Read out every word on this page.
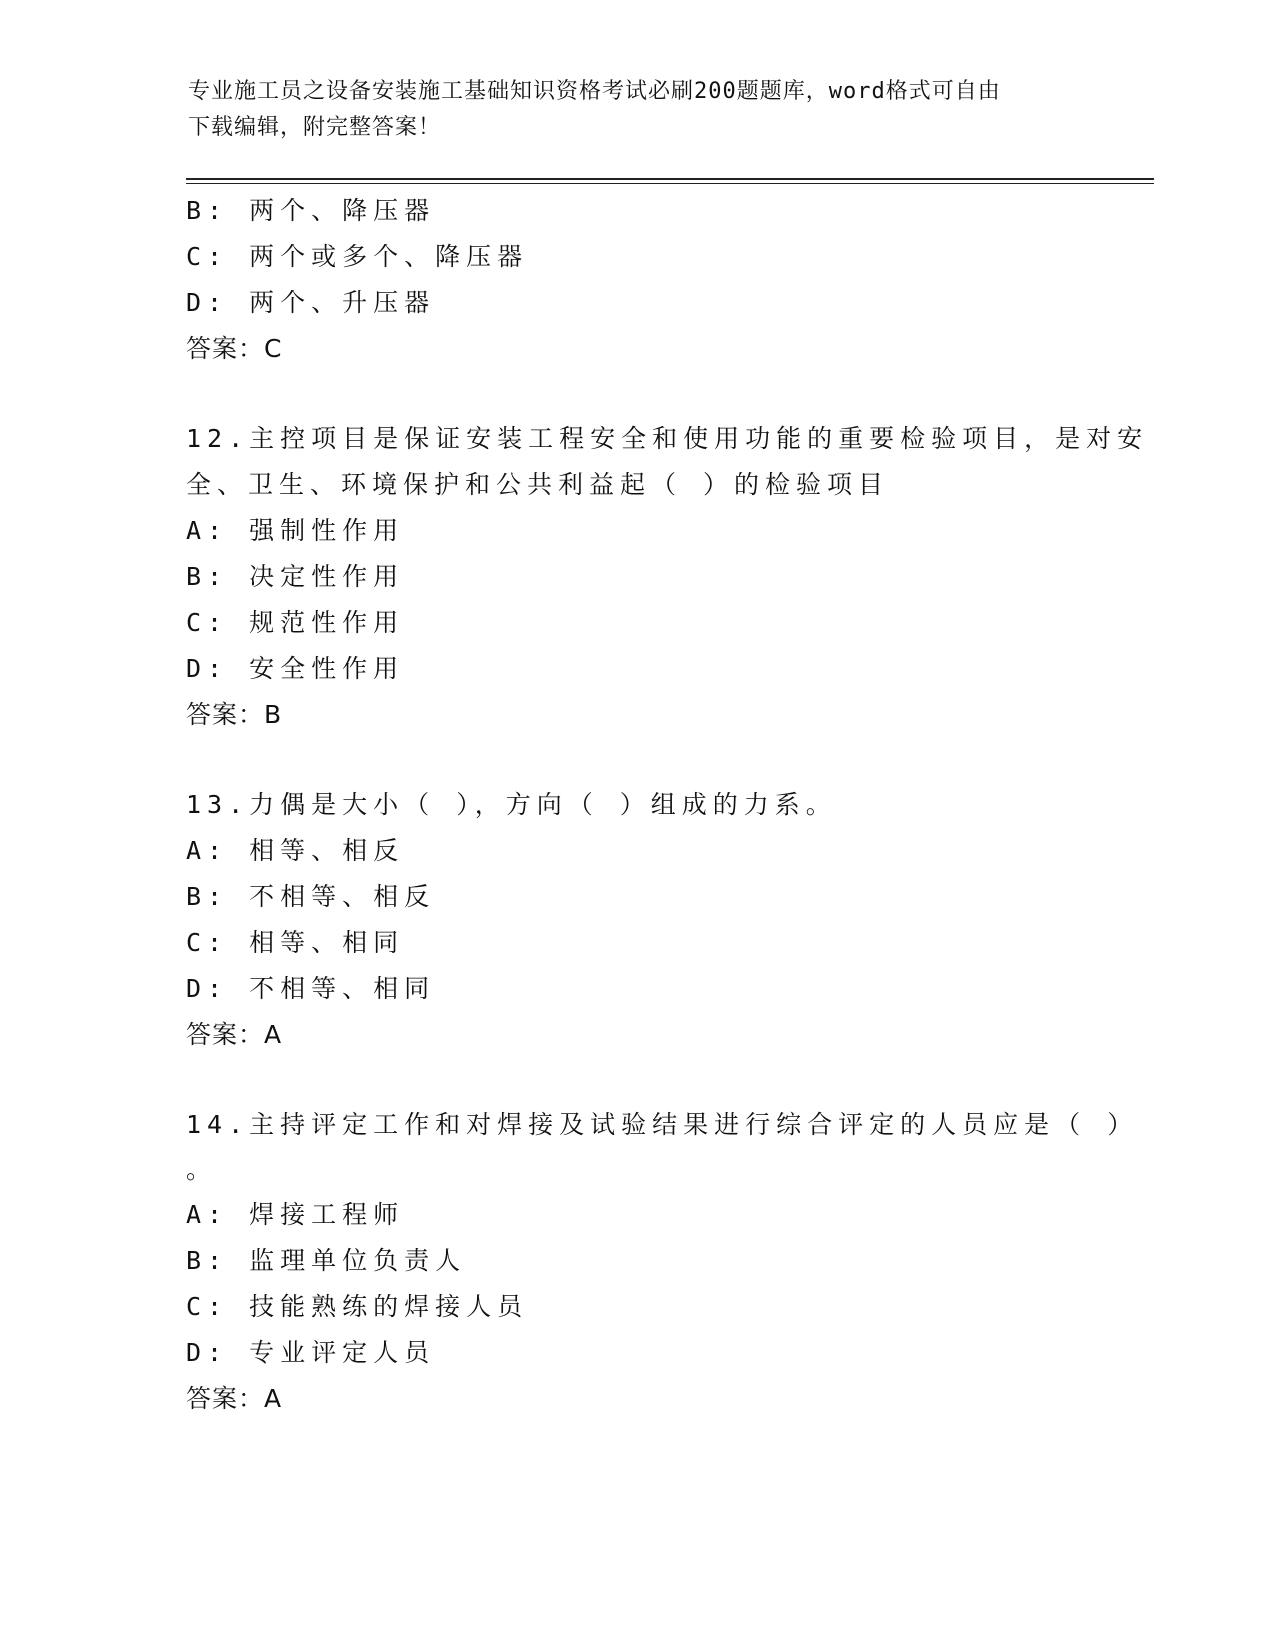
专业施工员之设备安装施工基础知识资格考试必刷200题题库，word格式可自由
下载编辑，附完整答案！
B: 两个、降压器
C: 两个或多个、降压器
D: 两个、升压器
答案：C
12.主控项目是保证安装工程安全和使用功能的重要检验项目，是对安
全、卫生、环境保护和公共利益起（ ）的检验项目
A: 强制性作用
B: 决定性作用
C: 规范性作用
D: 安全性作用
答案：B
13.力偶是大小（ ），方向（ ）组成的力系。
A: 相等、相反
B: 不相等、相反
C: 相等、相同
D: 不相等、相同
答案：A
14.主持评定工作和对焊接及试验结果进行综合评定的人员应是（ ）
。
A: 焊接工程师
B: 监理单位负责人
C: 技能熟练的焊接人员
D: 专业评定人员
答案：A
